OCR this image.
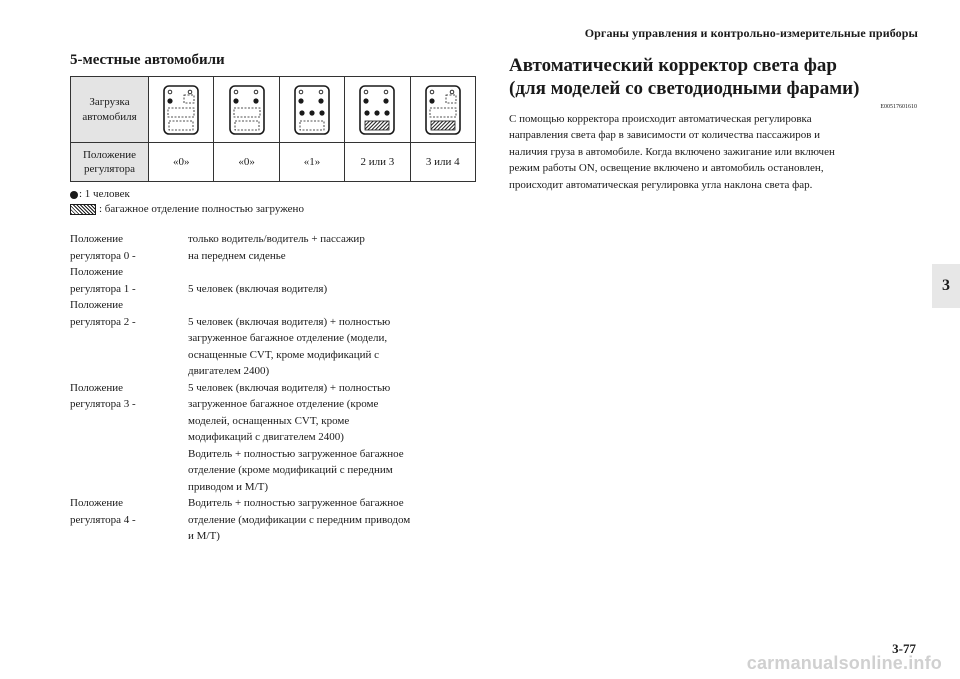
Органы управления и контрольно-измерительные приборы
3
5-местные автомобили
Загрузка
автомобиля

Положение
регулятора	«0»	«0»	«1»	2 или 3	3 или 4
: 1 человек
: багажное отделение полностью загружено
Положение
регулятора 0 -
только водитель/водитель + пассажир
на переднем сиденье
Положение
регулятора 1 -
	5 человек (включая водителя)
Положение
регулятора 2 -
	5 человек (включая водителя) + полностью
загруженное багажное отделение (модели,
оснащенные CVT, кроме модификаций с
двигателем 2400)
Положение
регулятора 3 -
5 человек (включая водителя) + полностью
загруженное багажное отделение (кроме
моделей, оснащенных CVT, кроме
модификаций с двигателем 2400)
Водитель + полностью загруженное багажное
отделение (кроме модификаций с передним
приводом и M/T)
Положение
регулятора 4 -
Водитель + полностью загруженное багажное
отделение (модификации с передним приводом
и M/T)
Автоматический корректор света фар
(для моделей со светодиодными фарами)
E00517601610
С помощью корректора происходит автоматическая регулировка
направления света фар в зависимости от количества пассажиров и
наличия груза в автомобиле. Когда включено зажигание или включен
режим работы ON, освещение включено и автомобиль остановлен,
происходит автоматическая регулировка угла наклона света фар.
3-77
carmanualsonline.info
